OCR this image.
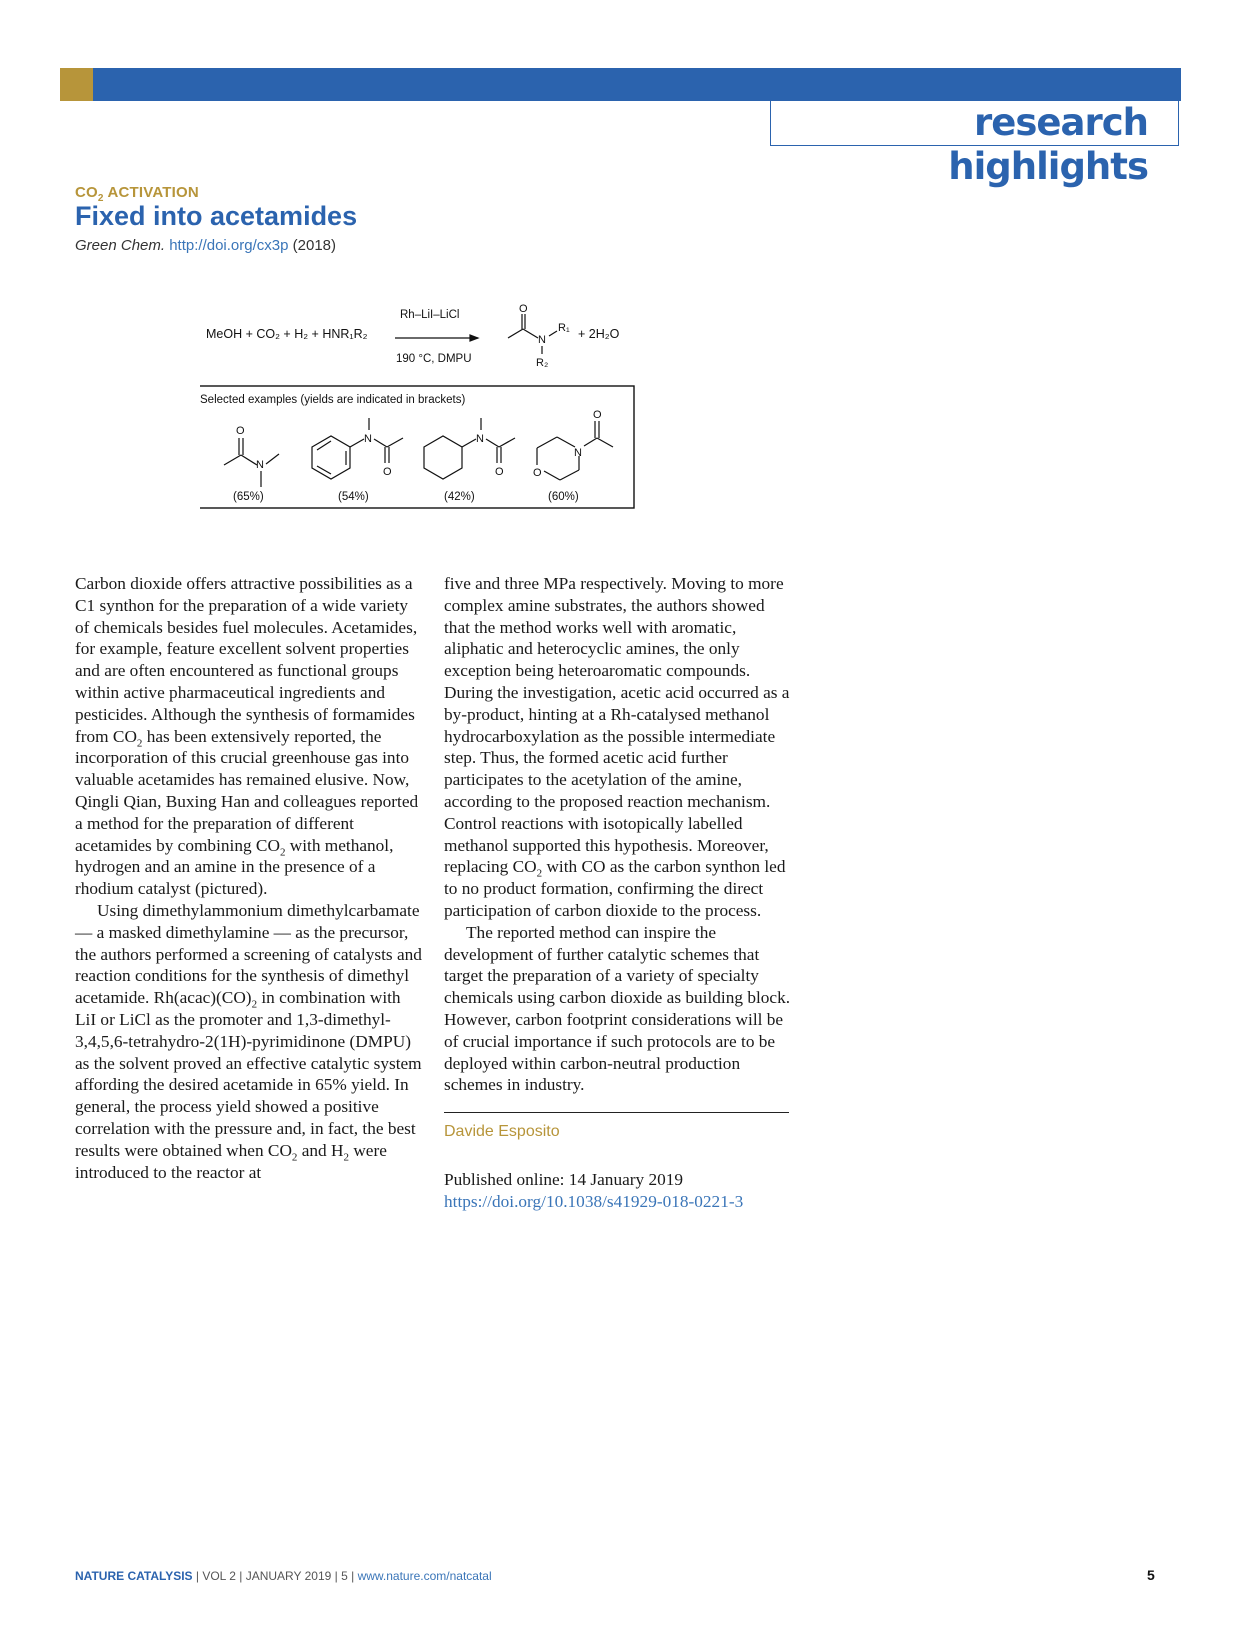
research highlights
$CO_2$ ACTIVATION
Fixed into acetamides
Green Chem. http://doi.org/cx3p (2018)
MeOH + CO₂ + H₂ + HNR₁R₂
Rh–LiI–LiCl
190 °C, DMPU
O
N
R₁
R₂
+ 2H₂O
Selected examples (yields are indicated in brackets)
O
N
(65%)
N
O
(54%)
N
O
(42%)
O
N
O
(60%)

Carbon dioxide offers attractive possibilities as a C1 synthon for the preparation of a wide variety of chemicals besides fuel molecules. Acetamides, for example, feature excellent solvent properties and are often encountered as functional groups within active pharmaceutical ingredients and pesticides. Although the synthesis of formamides from $CO_2$ has been extensively reported, the incorporation of this crucial greenhouse gas into valuable acetamides has remained elusive. Now, Qingli Qian, Buxing Han and colleagues reported a method for the preparation of different acetamides by combining $CO_2$ with methanol, hydrogen and an amine in the presence of a rhodium catalyst (pictured).

Using dimethylammonium dimethylcarbamate — a masked dimethylamine — as the precursor, the authors performed a screening of catalysts and reaction conditions for the synthesis of dimethyl acetamide. $Rh(acac)(CO)_2$ in combination with LiI or LiCl as the promoter and 1,3-dimethyl-3,4,5,6-tetrahydro-2(1H)-pyrimidinone (DMPU) as the solvent proved an effective catalytic system affording the desired acetamide in 65% yield. In general, the process yield showed a positive correlation with the pressure and, in fact, the best results were obtained when $CO_2$ and $H_2$ were introduced to the reactor at

five and three MPa respectively. Moving to more complex amine substrates, the authors showed that the method works well with aromatic, aliphatic and heterocyclic amines, the only exception being heteroaromatic compounds. During the investigation, acetic acid occurred as a by-product, hinting at a Rh-catalysed methanol hydrocarboxylation as the possible intermediate step. Thus, the formed acetic acid further participates to the acetylation of the amine, according to the proposed reaction mechanism. Control reactions with isotopically labelled methanol supported this hypothesis. Moreover, replacing $CO_2$ with CO as the carbon synthon led to no product formation, confirming the direct participation of carbon dioxide to the process.

The reported method can inspire the development of further catalytic schemes that target the preparation of a variety of specialty chemicals using carbon dioxide as building block. However, carbon footprint considerations will be of crucial importance if such protocols are to be deployed within carbon-neutral production schemes in industry.

Davide Esposito

Published online: 14 January 2019

https://doi.org/10.1038/s41929-018-0221-3

NATURE CATALYSIS | VOL 2 | JANUARY 2019 | 5 | www.nature.com/natcatal	5
